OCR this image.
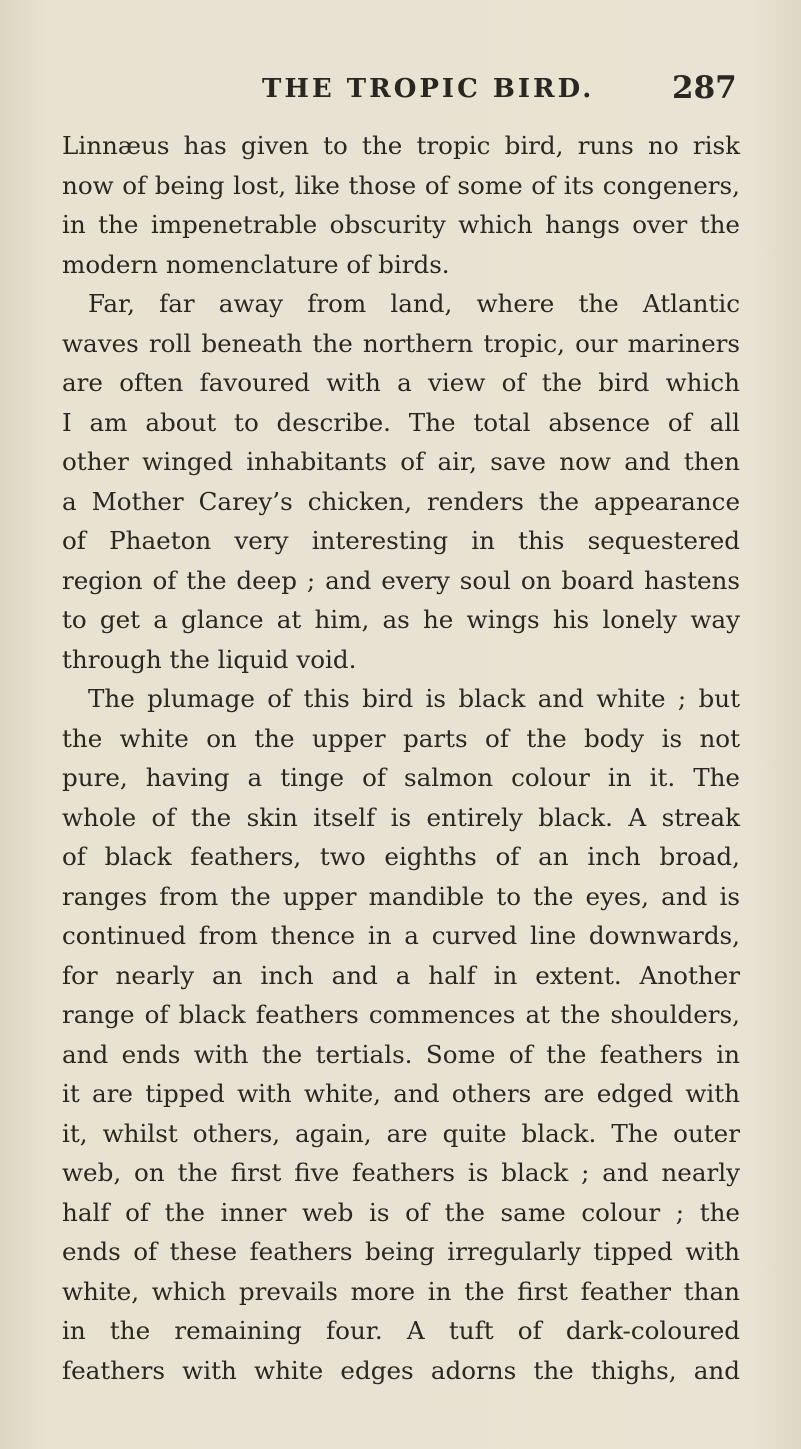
THE TROPIC BIRD.	287
Linnæus has given to the tropic bird, runs no risk
now of being lost, like those of some of its congeners,
in the impenetrable obscurity which hangs over the
modern nomenclature of birds.
Far, far away from land, where the Atlantic
waves roll beneath the northern tropic, our mariners
are often favoured with a view of the bird which
I am about to describe. The total absence of all
other winged inhabitants of air, save now and then
a Mother Carey’s chicken, renders the appearance
of Phaeton very interesting in this sequestered
region of the deep ; and every soul on board hastens
to get a glance at him, as he wings his lonely way
through the liquid void.
The plumage of this bird is black and white ; but
the white on the upper parts of the body is not
pure, having a tinge of salmon colour in it. The
whole of the skin itself is entirely black. A streak
of black feathers, two eighths of an inch broad,
ranges from the upper mandible to the eyes, and is
continued from thence in a curved line downwards,
for nearly an inch and a half in extent. Another
range of black feathers commences at the shoulders,
and ends with the tertials. Some of the feathers in
it are tipped with white, and others are edged with
it, whilst others, again, are quite black. The outer
web, on the first five feathers is black ; and nearly
half of the inner web is of the same colour ; the
ends of these feathers being irregularly tipped with
white, which prevails more in the first feather than
in the remaining four. A tuft of dark-coloured
feathers with white edges adorns the thighs, and
